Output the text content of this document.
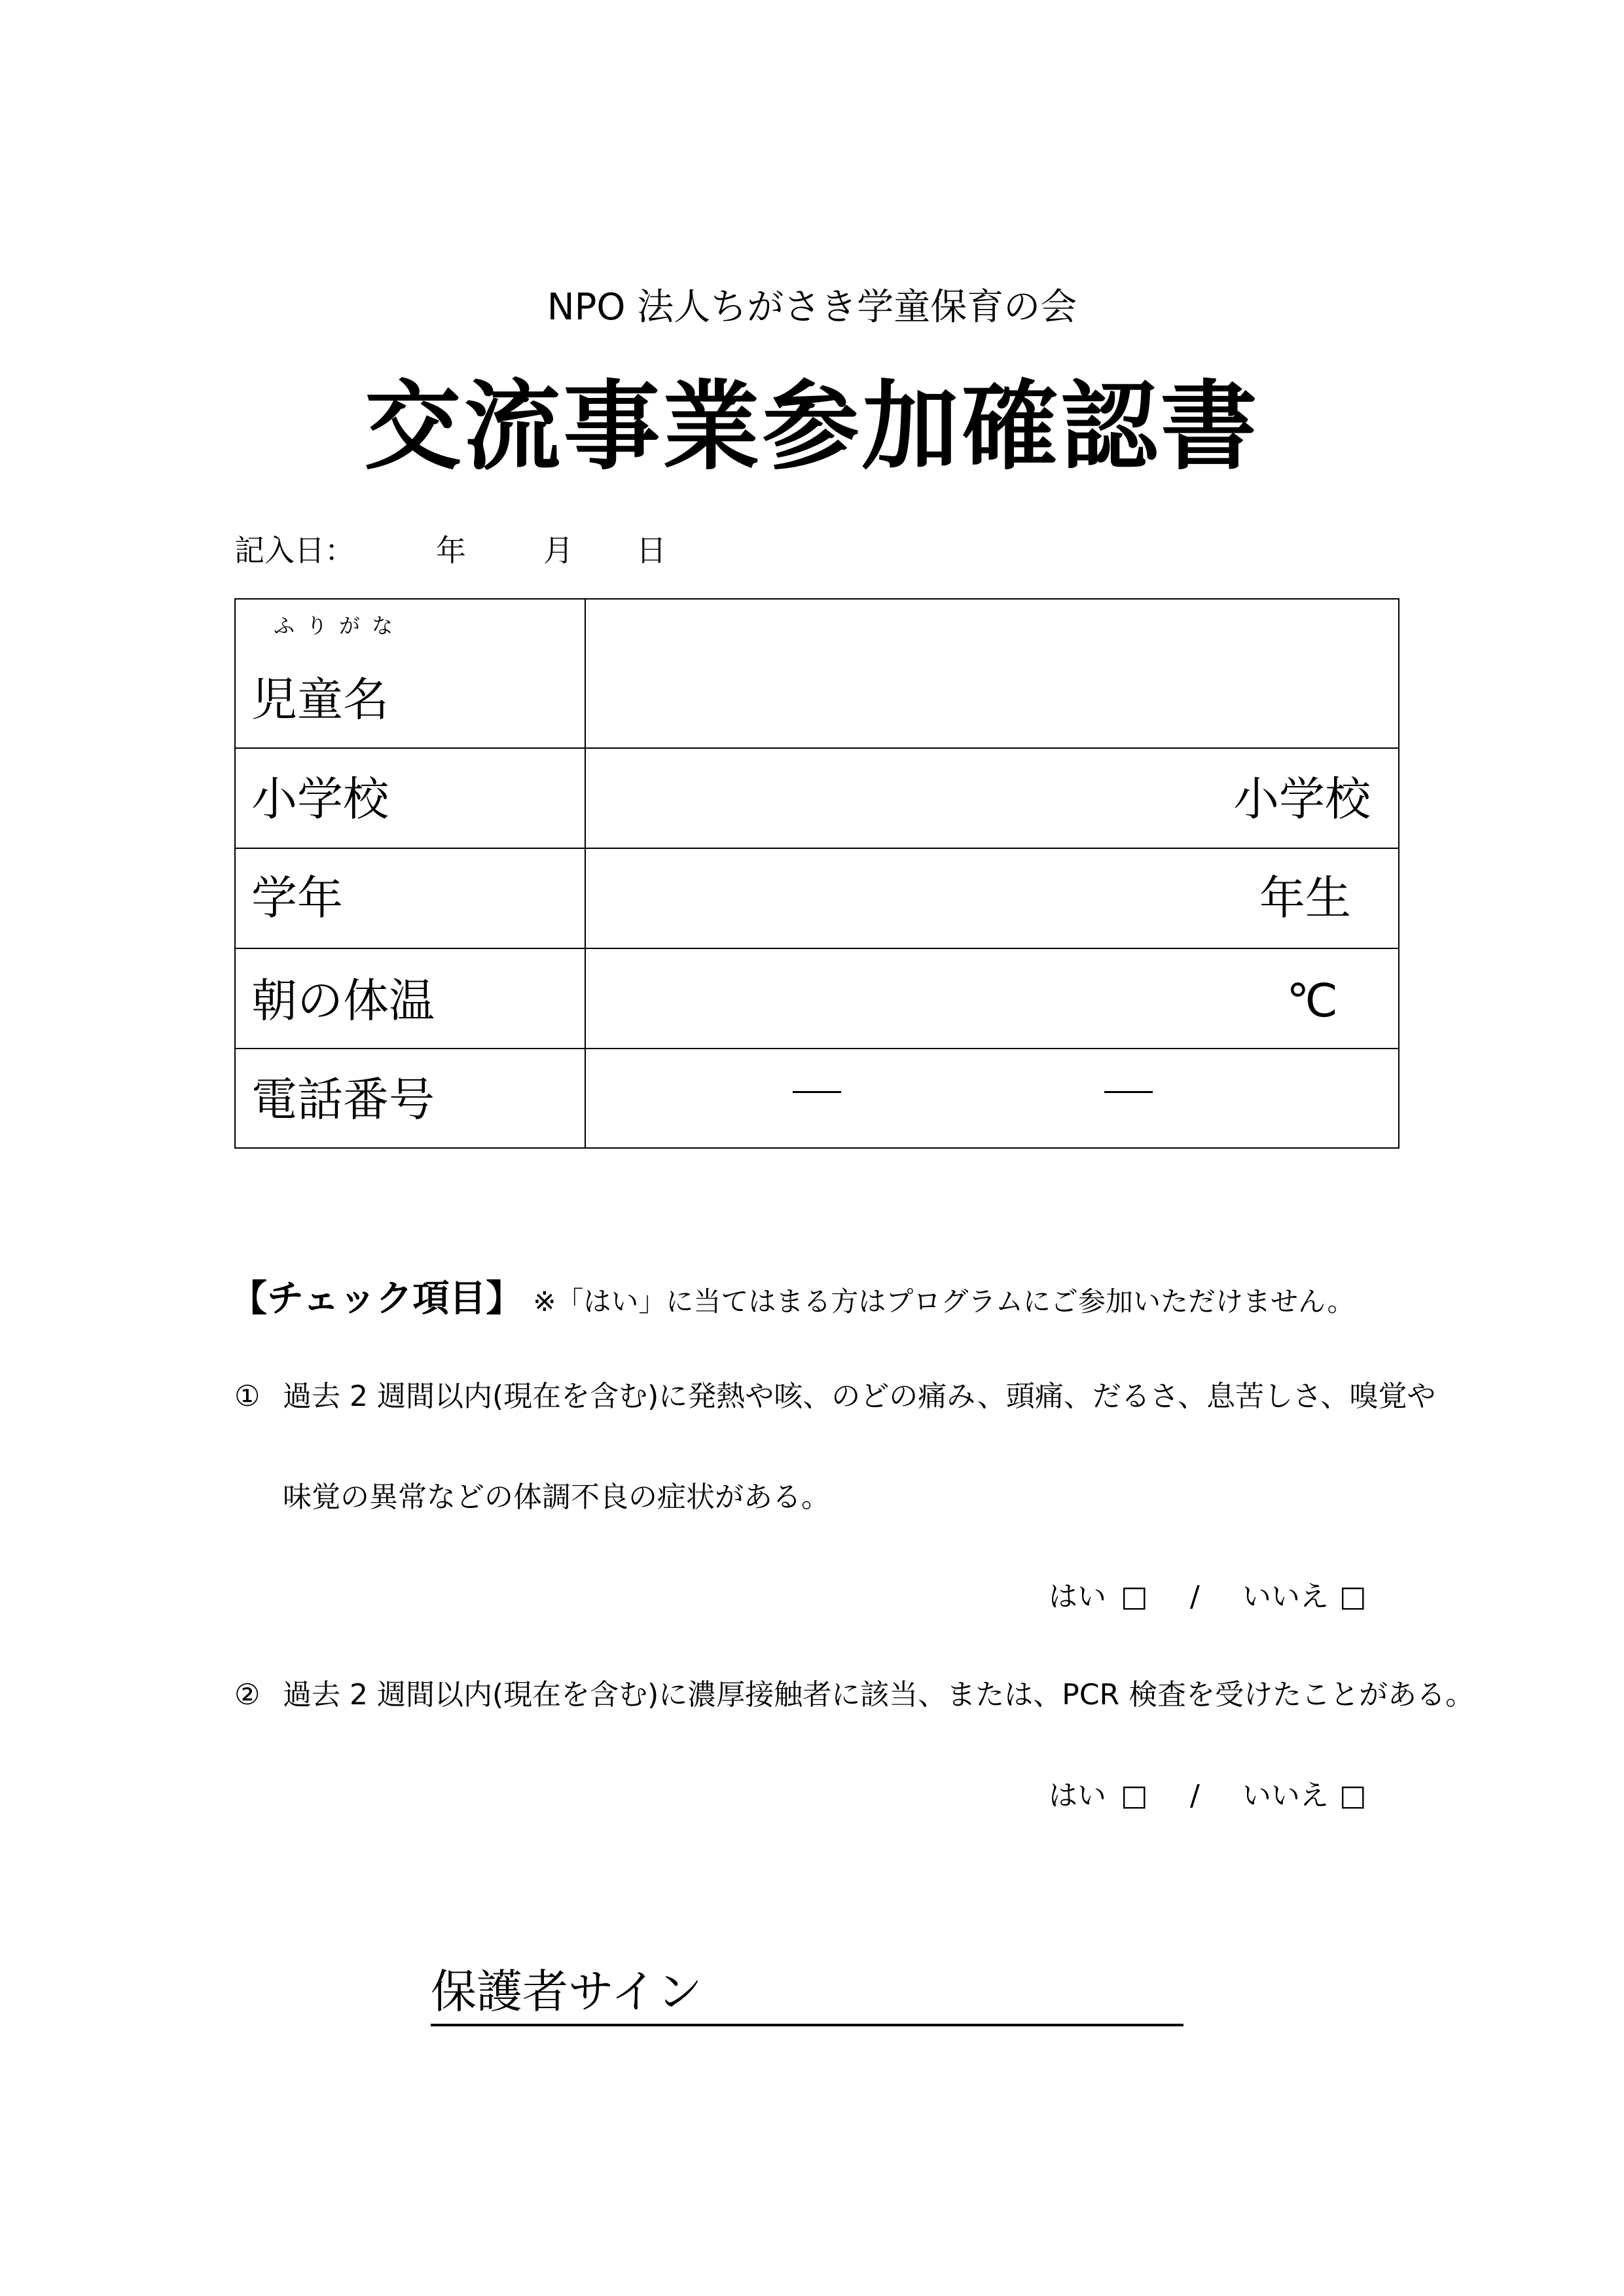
NPO 法人ちがさき学童保育の会
交流事業参加確認書
記入日：	年	月 日
ふりがな
児童名	

小学校	小学校

学年	年生

朝の体温	℃

電話番号	

【チェック項目】 ※「はい」に当てはまる方はプログラムにご参加いただけません。
① 過去 2 週間以内(現在を含む)に発熱や咳、のどの痛み、頭痛、だるさ、息苦しさ、嗅覚や
味覚の異常などの体調不良の症状がある。
はい □ / いいえ □
② 過去 2 週間以内(現在を含む)に濃厚接触者に該当、または、PCR 検査を受けたことがある。
はい □ / いいえ □
保護者サイン
